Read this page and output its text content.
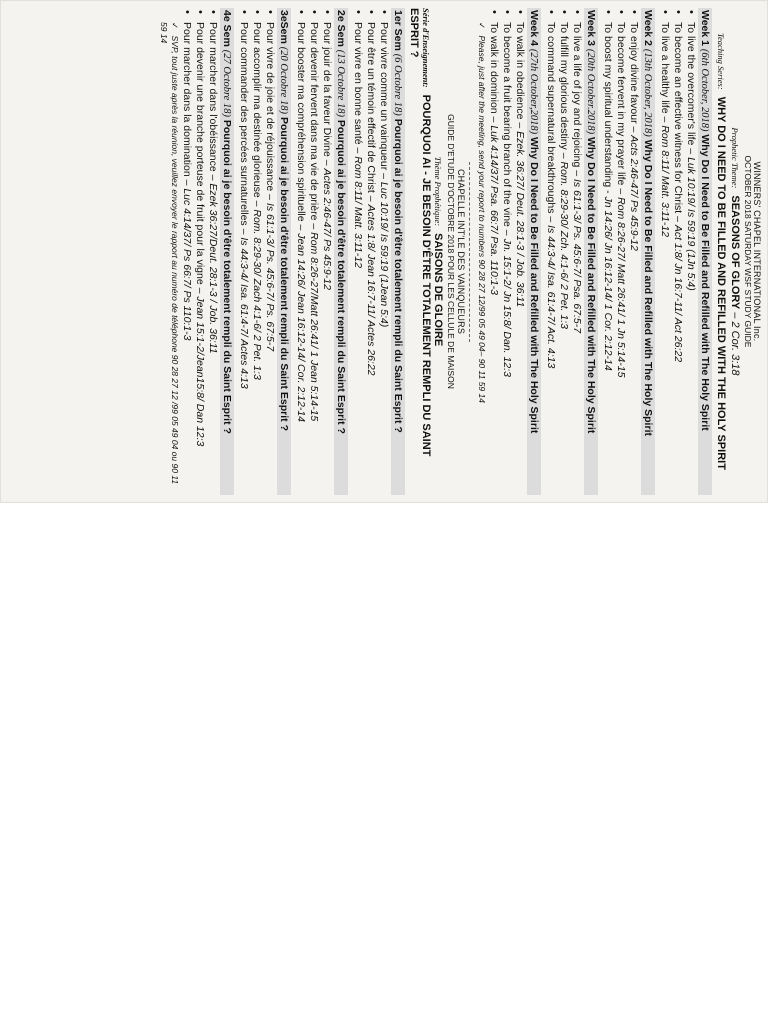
WINNERS' CHAPEL INTERNATIONAL Inc.
OCTOBER 2018 SATURDAY WSF STUDY GUIDE
Prophetic Theme: SEASONS OF GLORY – 2 Cor. 3:18
Teaching Series: WHY DO I NEED TO BE FILLED AND REFILLED WITH THE HOLY SPIRIT
Week 1 (6th October, 2018) Why Do I Need to Be Filled and Refilled with The Holy Spirit
• To live the overcomer's life – Luk 10:19/ Is 59:19 (1Jn 5:4)
• To become an effective witness for Christ – Act 1:8/ Jn 16:7-11/ Act 26:22
• To live a healthy life – Rom 8:11/ Matt. 3:11-12
Week 2 (13th October, 2018) Why Do I Need to Be Filled and Refilled with The Holy Spirit
• To enjoy divine favour – Acts 2:46-47/ Ps 45:9-12
• To become fervent in my prayer life – Rom 8:26-27/ Matt 26:41/ 1 Jn 5:14-15
• To boost my spiritual understanding - Jn 14:26/ Jn 16:12-14/ 1 Cor. 2:12-14
Week 3 (20th October.2018) Why Do I Need to Be Filled and Refilled with The Holy Spirit
• To live a life of joy and rejoicing – Is 61:1-3/ Ps. 45:6-7/ Psa. 67:5-7
• To fulfill my glorious destiny – Rom. 8:29-30/ Zch. 4:1-6/ 2 Pet. 1:3
• To command supernatural breakthroughs – Is 44:3-4/ Isa. 61:4-7/ Act. 4:13
Week 4 (27th October,2018) Why Do I Need to Be Filled and Refilled with The Holy Spirit
• To walk in obedience – Ezek. 36:27/ Deut. 28:1-3 / Job. 36:11
• To become a fruit bearing branch of the vine – Jn. 15:1-2/ Jn 15:8/ Dan. 12:3
• To walk in dominion – Luk 4:14/37/ Psa. 66:7/ Psa. 110:1-3
✓ Please, just after the meeting, send your report to numbers 90 28 27 12/99 05 49 04– 90 11 59 14
CHAPELLE INT'LE DES VAINQUEURS
GUIDE D'ETUDE D'OCTOBRE 2018 POUR LES CELLULE DE MAISON
Thème Prophétique: SAISONS DE GLOIRE
Série d'Enseignement: POURQUOI AI - JE BESOIN D'ÊTRE TOTALEMENT REMPLI DU SAINT ESPRIT ?
1er Sem (6 Octobre 18) Pourquoi ai je besoin d'être totalement rempli du Saint Esprit ?
• Pour vivre comme un vainqueur – Luc 10:19/ Is 59:19 (1Jean 5:4)
• Pour être un témoin effectif de Christ – Actes 1:8/ Jean 16:7-11/ Actes 26:22
• Pour vivre en bonne santé – Rom 8:11/ Matt. 3:11-12
2e Sem (13 Octobre 18) Pourquoi ai je besoin d'être totalement rempli du Saint Esprit ?
• Pour jouir de la faveur Divine – Actes 2:46-47/ Ps 45:9-12
• Pour devenir fervent dans ma vie de prière – Rom 8:26-27/Matt 26:41/ 1 Jean 5:14-15
• Pour booster ma compréhension spirituelle – Jean 14:26/ Jean 16:12-14/ Cor. 2:12-14
3eSem (20 Octobre 18) Pourquoi ai je besoin d'être totalement rempli du Saint Esprit ?
• Pour vivre de joie et de réjouissance – Is 61:1-3/ Ps. 45:6-7/ Ps. 67:5-7
• Pour accomplir ma destinée glorieuse – Rom. 8:29-30/ Zach 4:1-6/ 2 Pet. 1:3
• Pour commander des percées surnaturelles – Is 44:3-4/ Isa. 61:4-7/ Actes 4:13
4e Sem (27 Octobre 18) Pourquoi ai je besoin d'être totalement rempli du Saint Esprit ?
• Pour marcher dans l'obéissance – Ezek 36:27/Deut. 28:1-3 / Job. 36:11
• Pour devenir une branche porteuse de fruit pour la vigne – Jean 15:1-2/Jean15:8/ Dan 12:3
• Pour marcher dans la domination – Luc 4:14/37/ Ps 66:7/ Ps 110:1-3
✓ SVP, tout juste après la réunion, veuillez envoyer le rapport au numéro de téléphone 90 28 27 12 /99 05 49 04 ou 90 11 59 14
